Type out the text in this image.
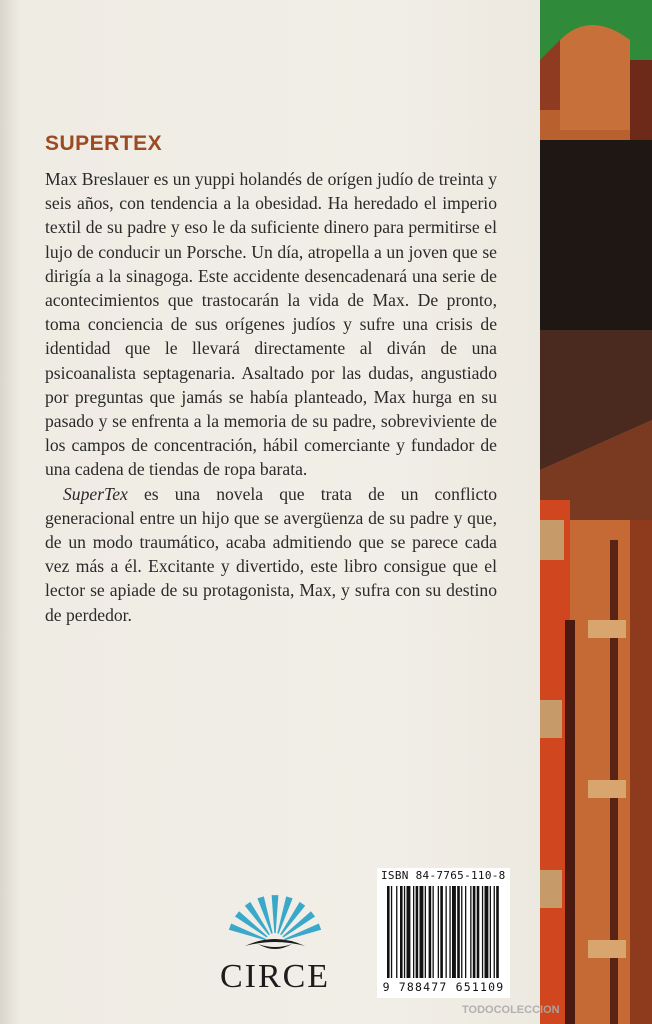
SUPERTEX

Max Breslauer es un yuppi holandés de orígen judío de treinta y seis años, con tendencia a la obesidad. Ha heredado el imperio textil de su padre y eso le da suficiente dinero para permitirse el lujo de conducir un Porsche. Un día, atropella a un joven que se dirigía a la sinagoga. Este accidente desencadenará una serie de acontecimientos que trastocarán la vida de Max. De pronto, toma conciencia de sus orígenes judíos y sufre una crisis de identidad que le llevará directamente al diván de una psicoanalista septagenaria. Asaltado por las dudas, angustiado por preguntas que jamás se había planteado, Max hurga en su pasado y se enfrenta a la memoria de su padre, sobreviviente de los campos de concentración, hábil comerciante y fundador de una cadena de tiendas de ropa barata.

SuperTex es una novela que trata de un conflicto generacional entre un hijo que se avergüenza de su padre y que, de un modo traumático, acaba admitiendo que se parece cada vez más a él. Excitante y divertido, este libro consigue que el lector se apiade de su protagonista, Max, y sufra con su destino de perdedor.

ISBN 84-7765-110-8

9 788477 651109

CIRCE

TODOCOLECCION
